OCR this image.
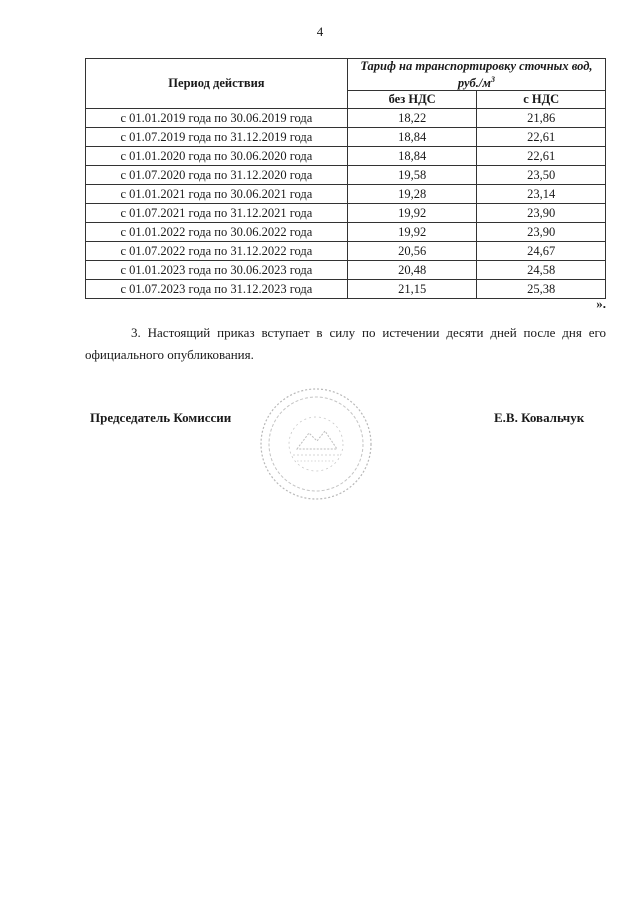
4
Период действия	Тариф на транспортировку сточных вод, $руб./м^3$
	без НДС	с НДС
с 01.01.2019 года по 30.06.2019 года	18,22	21,86
с 01.07.2019 года по 31.12.2019 года	18,84	22,61
с 01.01.2020 года по 30.06.2020 года	18,84	22,61
с 01.07.2020 года по 31.12.2020 года	19,58	23,50
с 01.01.2021 года по 30.06.2021 года	19,28	23,14
с 01.07.2021 года по 31.12.2021 года	19,92	23,90
с 01.01.2022 года по 30.06.2022 года	19,92	23,90
с 01.07.2022 года по 31.12.2022 года	20,56	24,67
с 01.01.2023 года по 30.06.2023 года	20,48	24,58
с 01.07.2023 года по 31.12.2023 года	21,15	25,38
».
3. Настоящий приказ вступает в силу по истечении десяти дней после дня его официального опубликования.
Председатель Комиссии	Е.В. Ковальчук
